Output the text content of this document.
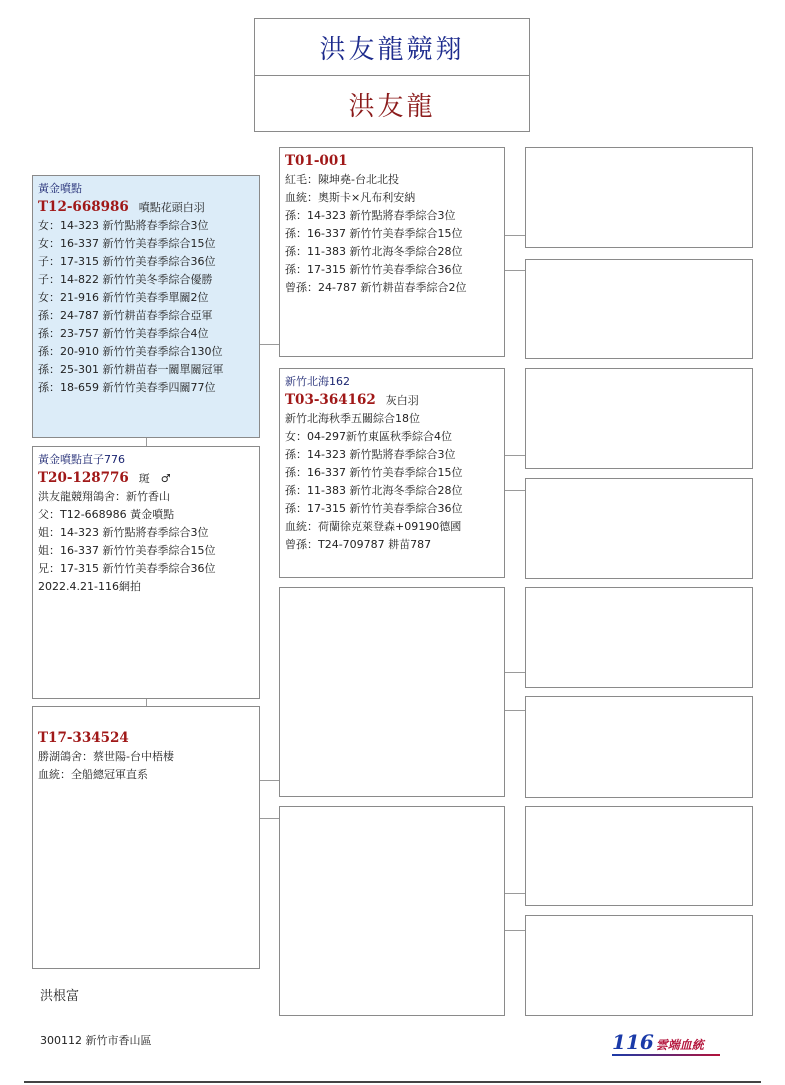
洪友龍競翔
洪友龍
黃金噴點
T12-668986 噴點花頭白羽
女：14-323 新竹點將春季綜合3位
女：16-337 新竹竹美春季綜合15位
子：17-315 新竹竹美春季綜合36位
子：14-822 新竹竹美冬季綜合優勝
女：21-916 新竹竹美春季單關2位
孫：24-787 新竹耕苗春季綜合亞軍
孫：23-757 新竹竹美春季綜合4位
孫：20-910 新竹竹美春季綜合130位
孫：25-301 新竹耕苗春一關單關冠軍
孫：18-659 新竹竹美春季四關77位
黃金噴點直子776
T20-128776 斑　♂
洪友龍競翔鴿舍：新竹香山
父：T12-668986 黃金噴點
姐：14-323 新竹點將春季綜合3位
姐：16-337 新竹竹美春季綜合15位
兄：17-315 新竹竹美春季綜合36位
2022.4.21-116網拍
T17-334524
勝湖鴿舍：蔡世陽-台中梧棲
血統：全船總冠軍直系
T01-001
紅毛：陳坤堯-台北北投
血統：奧斯卡×凡布利安納
孫：14-323 新竹點將春季綜合3位
孫：16-337 新竹竹美春季綜合15位
孫：11-383 新竹北海冬季綜合28位
孫：17-315 新竹竹美春季綜合36位
曾孫：24-787 新竹耕苗春季綜合2位
新竹北海162
T03-364162 灰白羽
新竹北海秋季五關綜合18位
女：04-297新竹東區秋季綜合4位
孫：14-323 新竹點將春季綜合3位
孫：16-337 新竹竹美春季綜合15位
孫：11-383 新竹北海冬季綜合28位
孫：17-315 新竹竹美春季綜合36位
血統：荷蘭徐克萊登森+09190德國
曾孫：T24-709787 耕苗787
洪根富
300112 新竹市香山區	116 雲端血統
